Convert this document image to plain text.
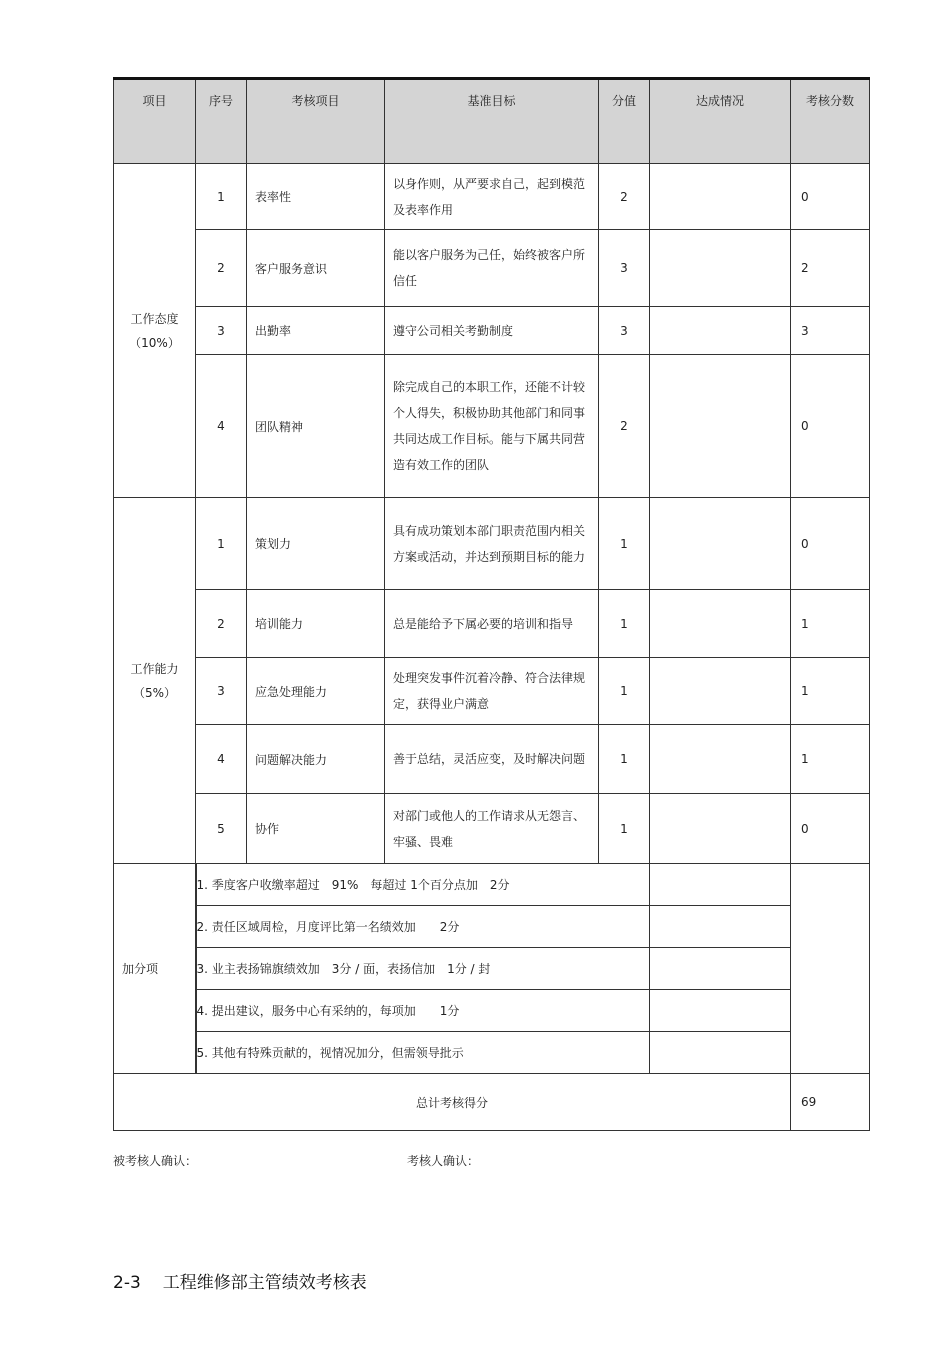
项目	序号	考核项目	基准目标	分值	达成情况	考核分数

工作态度
（10%）	1	表率性	以身作则，从严要求自己，起到模范及表率作用	2		0
	2	客户服务意识	能以客户服务为己任，始终被客户所信任	3		2
	3	出勤率	遵守公司相关考勤制度	3		3
	4	团队精神	除完成自己的本职工作，还能不计较个人得失，积极协助其他部门和同事共同达成工作目标。能与下属共同营造有效工作的团队	2		0

工作能力
（5%）	1	策划力	具有成功策划本部门职责范围内相关方案或活动，并达到预期目标的能力	1		0
	2	培训能力	总是能给予下属必要的培训和指导	1		1
	3	应急处理能力	处理突发事件沉着冷静、符合法律规定，获得业户满意	1		1
	4	问题解决能力	善于总结，灵活应变，及时解决问题	1		1
	5	协作	对部门或他人的工作请求从无怨言、牢骚、畏难	1		0
加分项	1. 季度客户收缴率超过　91%　每超过 1个百分点加　2分					
	2. 责任区域周检，月度评比第一名绩效加　　2分					
	3. 业主表扬锦旗绩效加　3分 / 面，表扬信加　1分 / 封					
	4. 提出建议，服务中心有采纳的，每项加　　1分					
	5. 其他有特殊贡献的，视情况加分，但需领导批示					
总计考核得分						69
被考核人确认：	考核人确认：
2-3 工程维修部主管绩效考核表
